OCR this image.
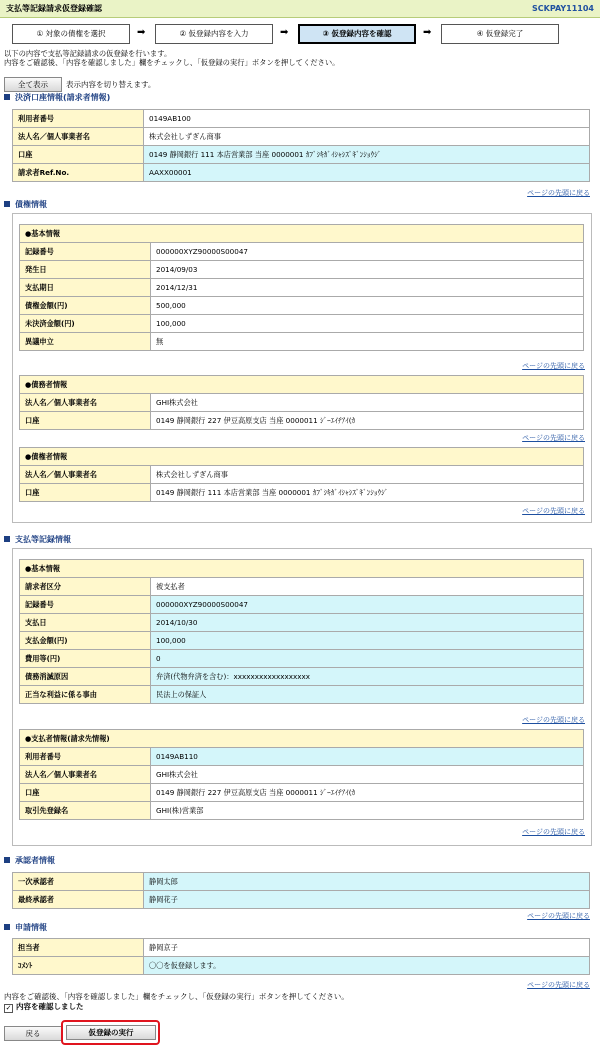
支払等記録請求仮登録確認	SCKPAY11104
① 対象の債権を選択	➡	② 仮登録内容を入力	➡	③ 仮登録内容を確認	➡	④ 仮登録完了
以下の内容で支払等記録請求の仮登録を行います。
内容をご確認後、「内容を確認しました」欄をチェックし、「仮登録の実行」ボタンを押してください。
全て表示	表示内容を切り替えます。
決済口座情報(請求者情報)
利用者番号	0149AB100
法人名／個人事業者名	株式会社しずぎん商事
口座	0149 静岡銀行 111 本店営業部 当座 0000001 ｶﾌﾞｼｷｶﾞｲｼｬｼｽﾞｷﾞﾝｼｮｳｼﾞ
請求者Ref.No.	AAXX00001
ページの先頭に戻る
債権情報
●基本情報	
記録番号	000000XYZ90000S00047
発生日	2014/09/03
支払期日	2014/12/31
債権金額(円)	500,000
未決済金額(円)	100,000
異議申立	無
ページの先頭に戻る
●債務者情報	
法人名／個人事業者名	GHI株式会社
口座	0149 静岡銀行 227 伊豆高原支店 当座 0000011 ｼﾞｰｴｲﾁｱｲ(ｶ
ページの先頭に戻る
●債権者情報	
法人名／個人事業者名	株式会社しずぎん商事
口座	0149 静岡銀行 111 本店営業部 当座 0000001 ｶﾌﾞｼｷｶﾞｲｼｬｼｽﾞｷﾞﾝｼｮｳｼﾞ
ページの先頭に戻る
支払等記録情報
●基本情報	
請求者区分	被支払者
記録番号	000000XYZ90000S00047
支払日	2014/10/30
支払金額(円)	100,000
費用等(円)	0
債務消滅原因	弁済(代物弁済を含む)：xxxxxxxxxxxxxxxxxx
正当な利益に係る事由	民法上の保証人
ページの先頭に戻る
●支払者情報(請求先情報)	
利用者番号	0149AB110
法人名／個人事業者名	GHI株式会社
口座	0149 静岡銀行 227 伊豆高原支店 当座 0000011 ｼﾞｰｴｲﾁｱｲ(ｶ
取引先登録名	GHI(株)営業部
ページの先頭に戻る
承認者情報
一次承認者	静岡太郎
最終承認者	静岡花子
ページの先頭に戻る
申請情報
担当者	静岡京子
ｺﾒﾝﾄ	〇〇を仮登録します。
ページの先頭に戻る
内容をご確認後、「内容を確認しました」欄をチェックし、「仮登録の実行」ボタンを押してください。
✓ 内容を確認しました
戻る	仮登録の実行
